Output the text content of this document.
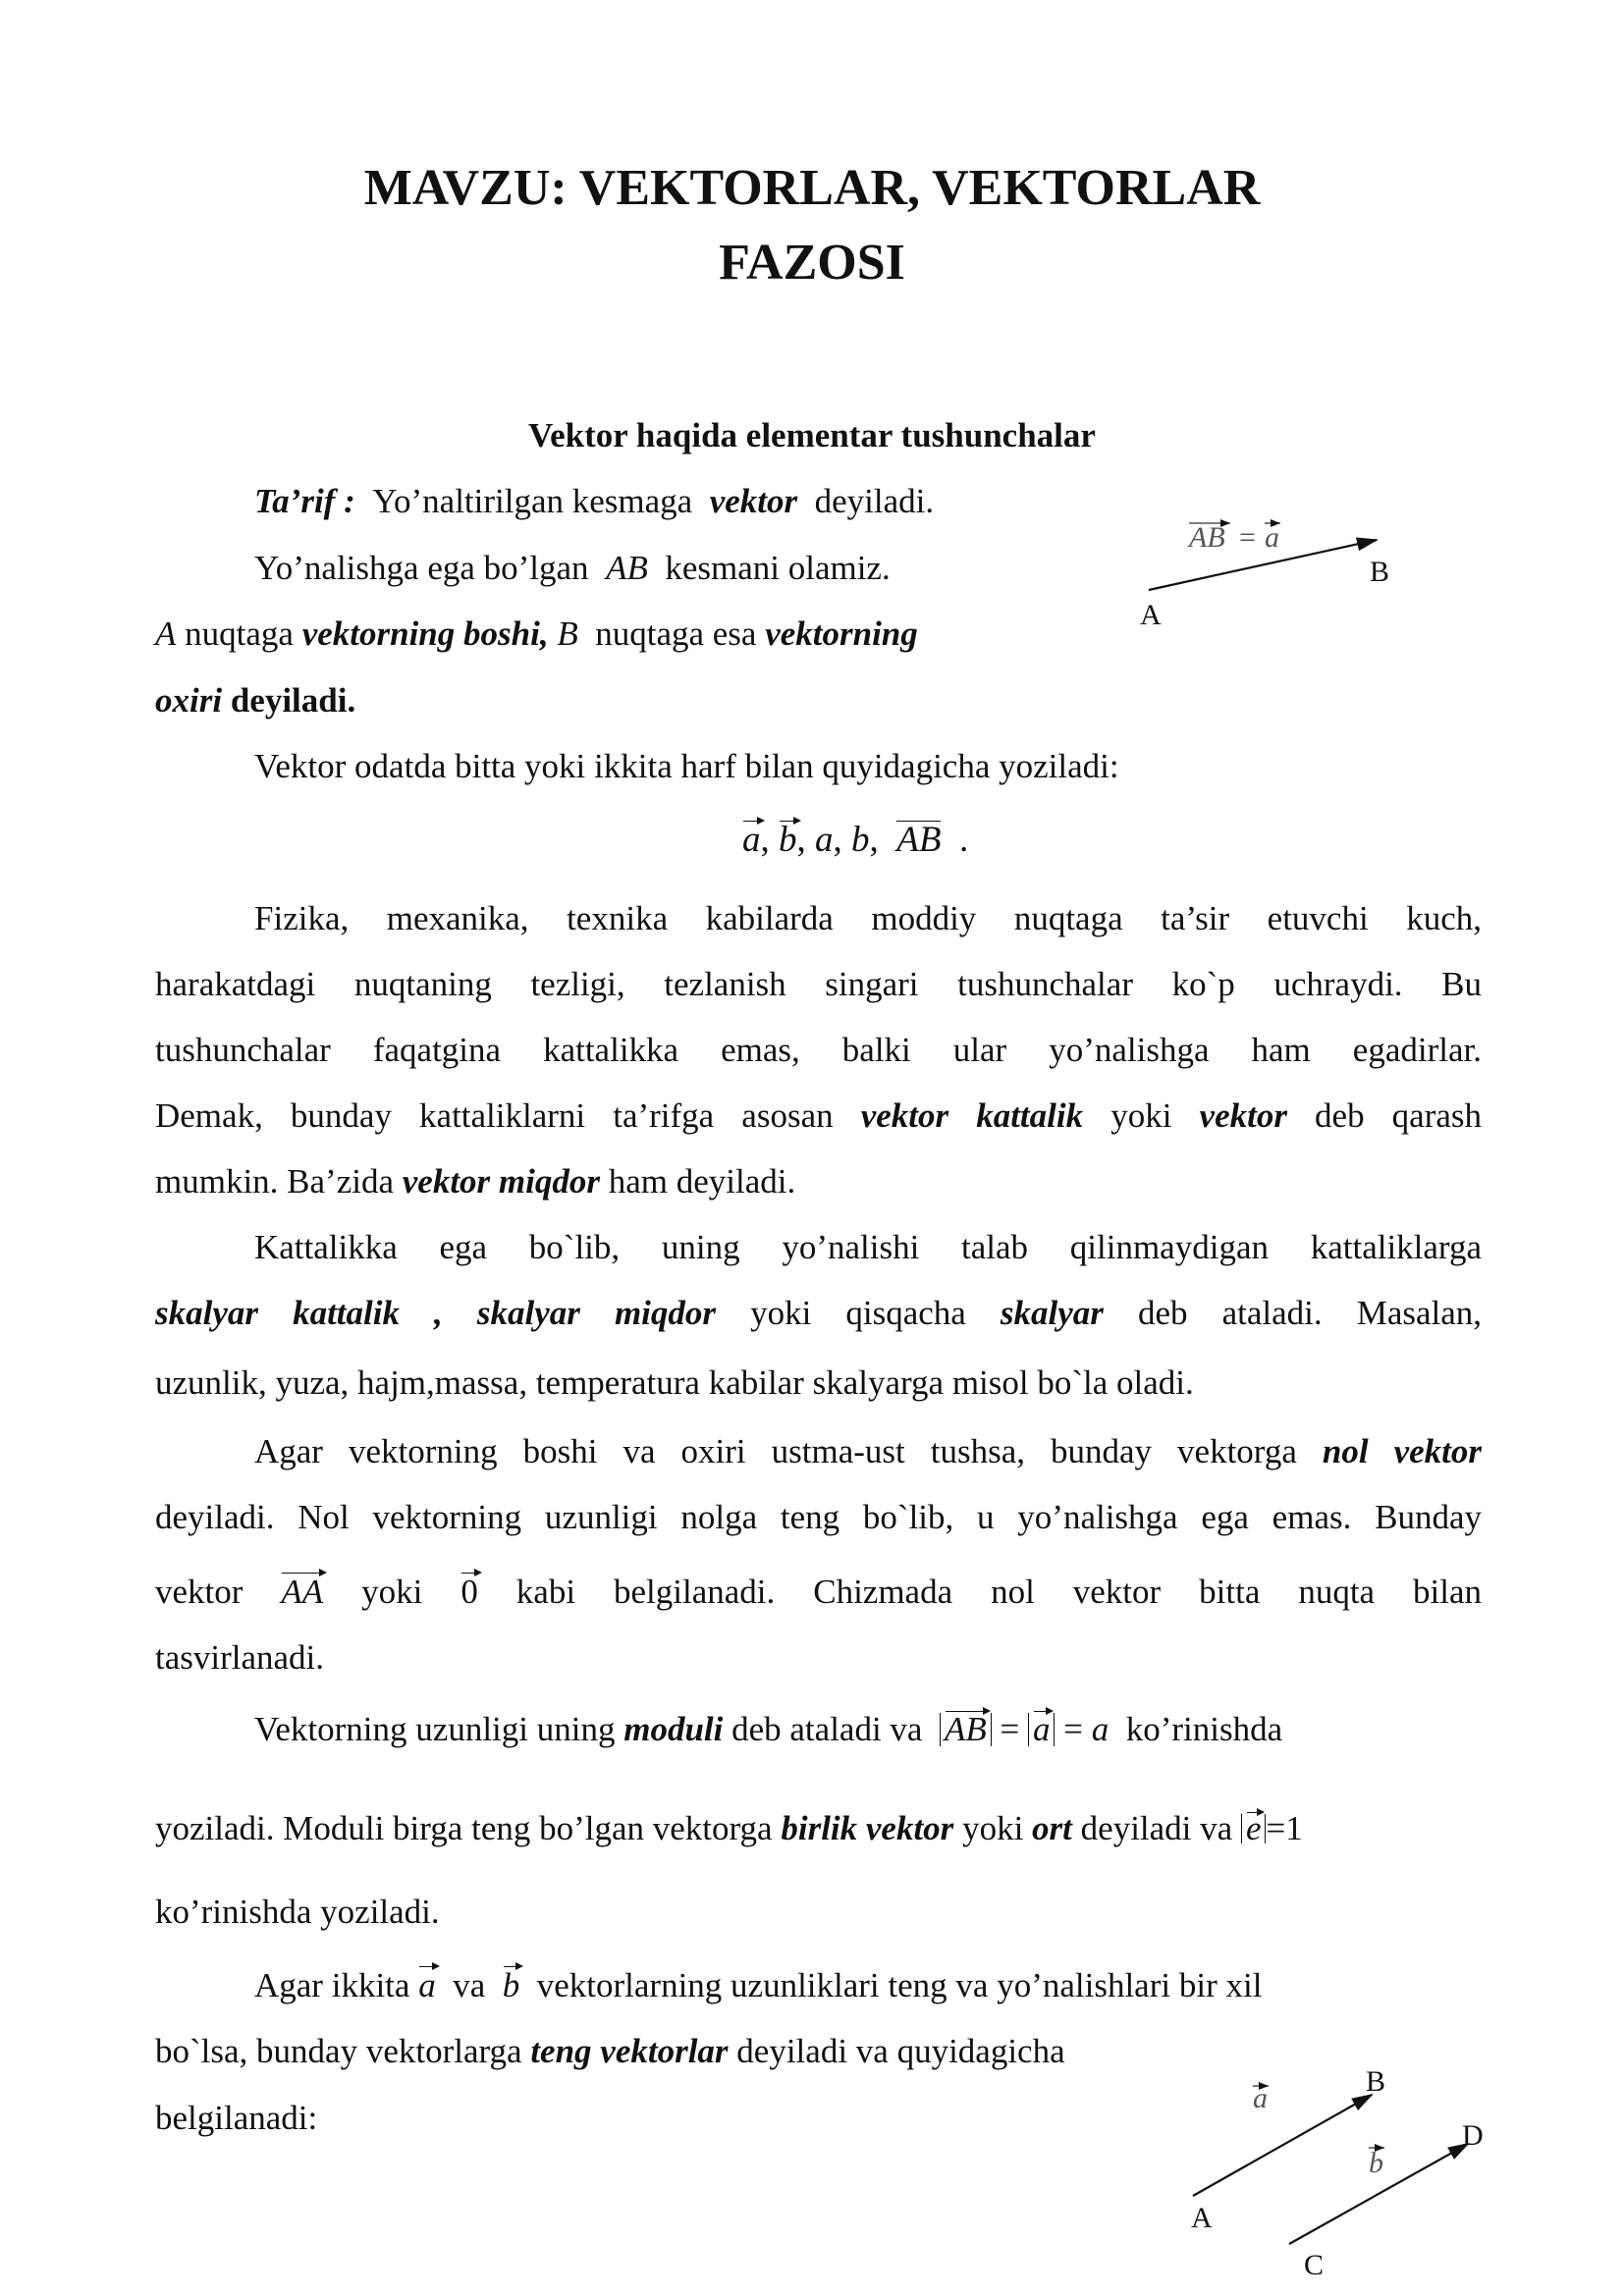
MAVZU: VEKTORLAR, VEKTORLAR
FAZOSI
Vektor haqida elementar tushunchalar
Ta’rif : Yo’naltirilgan kesmaga vektor deyiladi.
Yo’nalishga ega bo’lgan AB kesmani olamiz.
A nuqtaga vektorning boshi, B nuqtaga esa vektorning
oxiri deyiladi.
AB = a
A
B
Vektor odatda bitta yoki ikkita harf bilan quyidagicha yoziladi:
a, b, a, b,  AB .
Fizika, mexanika, texnika kabilarda moddiy nuqtaga ta’sir etuvchi kuch,
harakatdagi nuqtaning tezligi, tezlanish singari tushunchalar ko`p uchraydi. Bu
tushunchalar faqatgina kattalikka emas, balki ular yo’nalishga ham egadirlar.
Demak, bunday kattaliklarni ta’rifga asosan vektor kattalik yoki vektor deb qarash
mumkin. Ba’zida vektor miqdor ham deyiladi.
Kattalikka ega bo`lib, uning yo’nalishi talab qilinmaydigan kattaliklarga
skalyar kattalik , skalyar miqdor yoki qisqacha skalyar deb ataladi. Masalan,
uzunlik, yuza, hajm,massa, temperatura kabilar skalyarga misol bo`la oladi.
Agar vektorning boshi va oxiri ustma-ust tushsa, bunday vektorga nol vektor
deyiladi. Nol vektorning uzunligi nolga teng bo`lib, u yo’nalishga ega emas. Bunday
vektor AA yoki 0 kabi belgilanadi. Chizmada nol vektor bitta nuqta bilan
tasvirlanadi.
Vektorning uzunligi uning moduli deb ataladi va AB = a = a ko’rinishda
yoziladi. Moduli birga teng bo’lgan vektorga birlik vektor yoki ort deyiladi va e =1
ko’rinishda yoziladi.
Agar ikkita a va b vektorlarning uzunliklari teng va yo’nalishlari bir xil
bo`lsa, bunday vektorlarga teng vektorlar deyiladi va quyidagicha
belgilanadi:
a
b
A
B
C
D
